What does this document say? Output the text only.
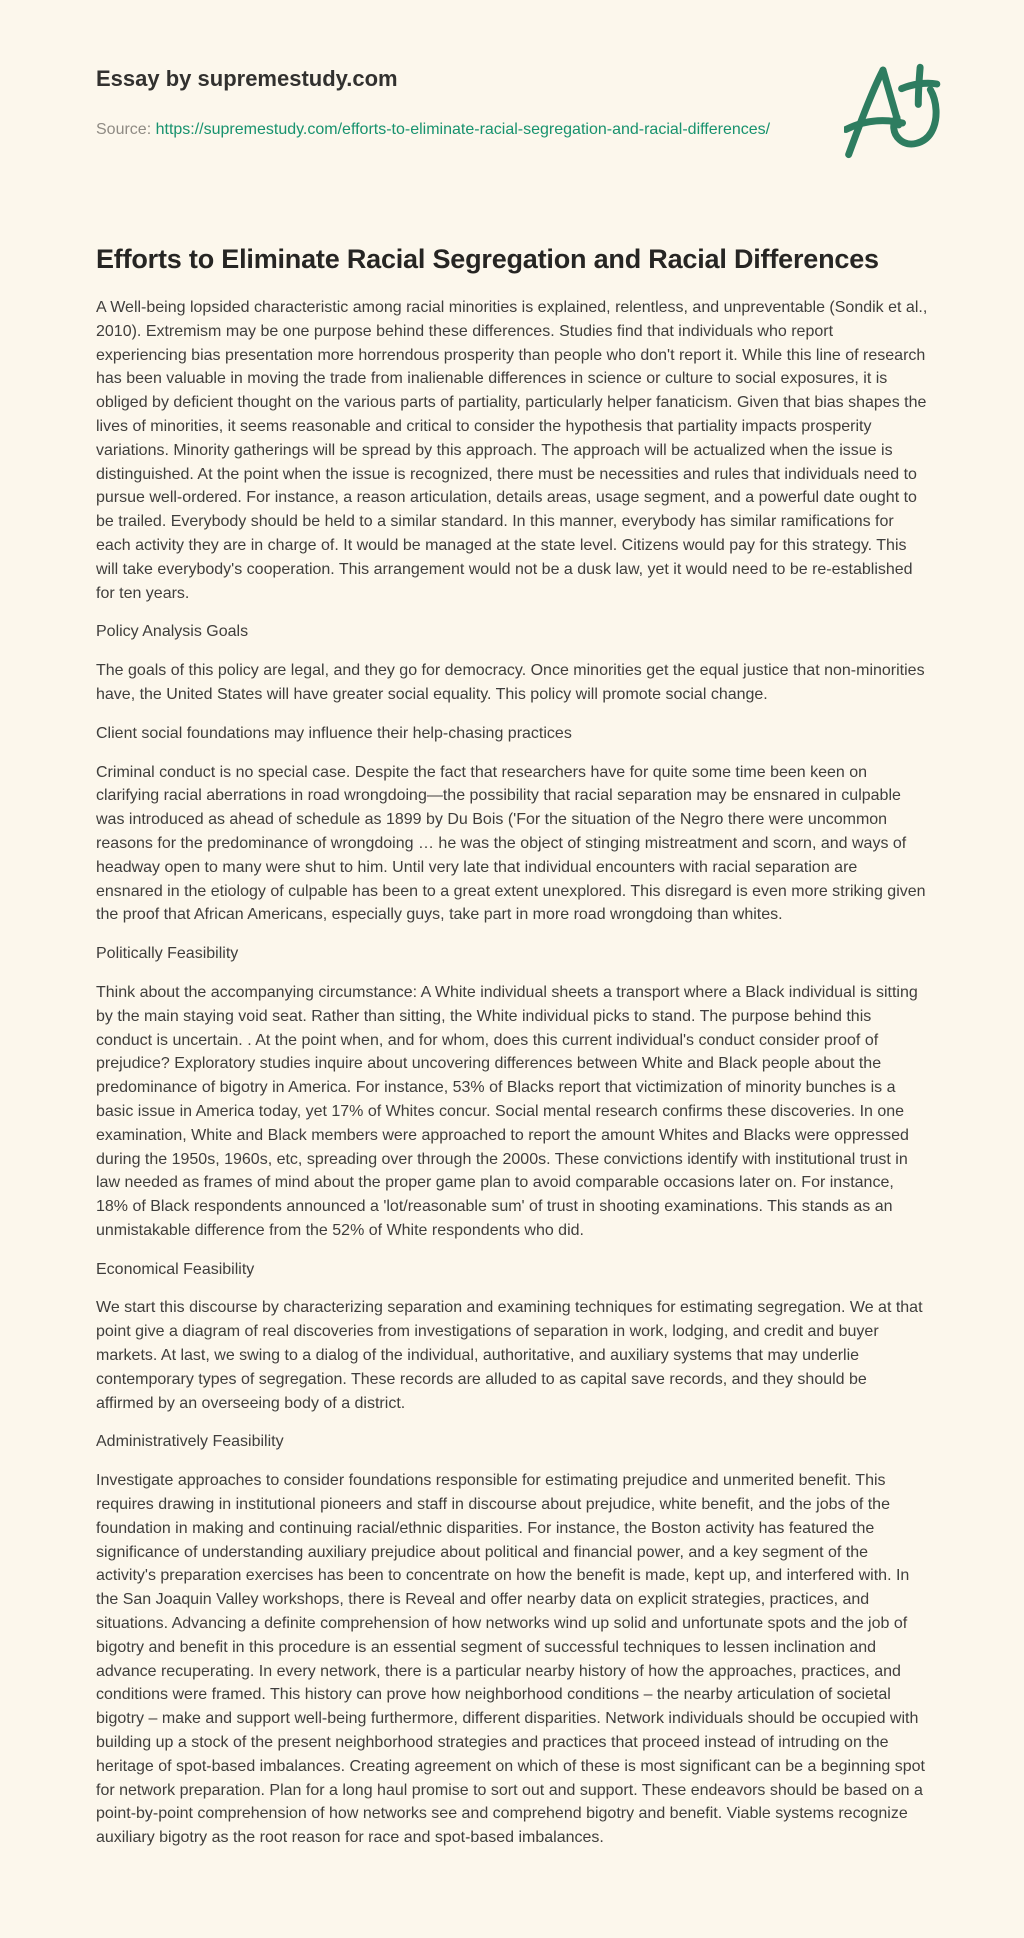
Essay by supremestudy.com

Source: https://supremestudy.com/efforts-to-eliminate-racial-segregation-and-racial-differences/

Efforts to Eliminate Racial Segregation and Racial Differences

A Well-being lopsided characteristic among racial minorities is explained, relentless, and unpreventable (Sondik et al., 2010). Extremism may be one purpose behind these differences. Studies find that individuals who report experiencing bias presentation more horrendous prosperity than people who don't report it. While this line of research has been valuable in moving the trade from inalienable differences in science or culture to social exposures, it is obliged by deficient thought on the various parts of partiality, particularly helper fanaticism. Given that bias shapes the lives of minorities, it seems reasonable and critical to consider the hypothesis that partiality impacts prosperity variations. Minority gatherings will be spread by this approach. The approach will be actualized when the issue is distinguished. At the point when the issue is recognized, there must be necessities and rules that individuals need to pursue well-ordered. For instance, a reason articulation, details areas, usage segment, and a powerful date ought to be trailed. Everybody should be held to a similar standard. In this manner, everybody has similar ramifications for each activity they are in charge of. It would be managed at the state level. Citizens would pay for this strategy. This will take everybody's cooperation. This arrangement would not be a dusk law, yet it would need to be re-established for ten years.

Policy Analysis Goals

The goals of this policy are legal, and they go for democracy. Once minorities get the equal justice that non-minorities have, the United States will have greater social equality. This policy will promote social change.

Client social foundations may influence their help-chasing practices

Criminal conduct is no special case. Despite the fact that researchers have for quite some time been keen on clarifying racial aberrations in road wrongdoing—the possibility that racial separation may be ensnared in culpable was introduced as ahead of schedule as 1899 by Du Bois ('For the situation of the Negro there were uncommon reasons for the predominance of wrongdoing … he was the object of stinging mistreatment and scorn, and ways of headway open to many were shut to him. Until very late that individual encounters with racial separation are ensnared in the etiology of culpable has been to a great extent unexplored. This disregard is even more striking given the proof that African Americans, especially guys, take part in more road wrongdoing than whites.

Politically Feasibility

Think about the accompanying circumstance: A White individual sheets a transport where a Black individual is sitting by the main staying void seat. Rather than sitting, the White individual picks to stand. The purpose behind this conduct is uncertain. . At the point when, and for whom, does this current individual's conduct consider proof of prejudice? Exploratory studies inquire about uncovering differences between White and Black people about the predominance of bigotry in America. For instance, 53% of Blacks report that victimization of minority bunches is a basic issue in America today, yet 17% of Whites concur. Social mental research confirms these discoveries. In one examination, White and Black members were approached to report the amount Whites and Blacks were oppressed during the 1950s, 1960s, etc, spreading over through the 2000s. These convictions identify with institutional trust in law needed as frames of mind about the proper game plan to avoid comparable occasions later on. For instance, 18% of Black respondents announced a 'lot/reasonable sum' of trust in shooting examinations. This stands as an unmistakable difference from the 52% of White respondents who did.

Economical Feasibility

We start this discourse by characterizing separation and examining techniques for estimating segregation. We at that point give a diagram of real discoveries from investigations of separation in work, lodging, and credit and buyer markets. At last, we swing to a dialog of the individual, authoritative, and auxiliary systems that may underlie contemporary types of segregation. These records are alluded to as capital save records, and they should be affirmed by an overseeing body of a district.

Administratively Feasibility

Investigate approaches to consider foundations responsible for estimating prejudice and unmerited benefit. This requires drawing in institutional pioneers and staff in discourse about prejudice, white benefit, and the jobs of the foundation in making and continuing racial/ethnic disparities. For instance, the Boston activity has featured the significance of understanding auxiliary prejudice about political and financial power, and a key segment of the activity's preparation exercises has been to concentrate on how the benefit is made, kept up, and interfered with. In the San Joaquin Valley workshops, there is Reveal and offer nearby data on explicit strategies, practices, and situations. Advancing a definite comprehension of how networks wind up solid and unfortunate spots and the job of bigotry and benefit in this procedure is an essential segment of successful techniques to lessen inclination and advance recuperating. In every network, there is a particular nearby history of how the approaches, practices, and conditions were framed. This history can prove how neighborhood conditions – the nearby articulation of societal bigotry – make and support well-being furthermore, different disparities. Network individuals should be occupied with building up a stock of the present neighborhood strategies and practices that proceed instead of intruding on the heritage of spot-based imbalances. Creating agreement on which of these is most significant can be a beginning spot for network preparation. Plan for a long haul promise to sort out and support. These endeavors should be based on a point-by-point comprehension of how networks see and comprehend bigotry and benefit. Viable systems recognize auxiliary bigotry as the root reason for race and spot-based imbalances.
